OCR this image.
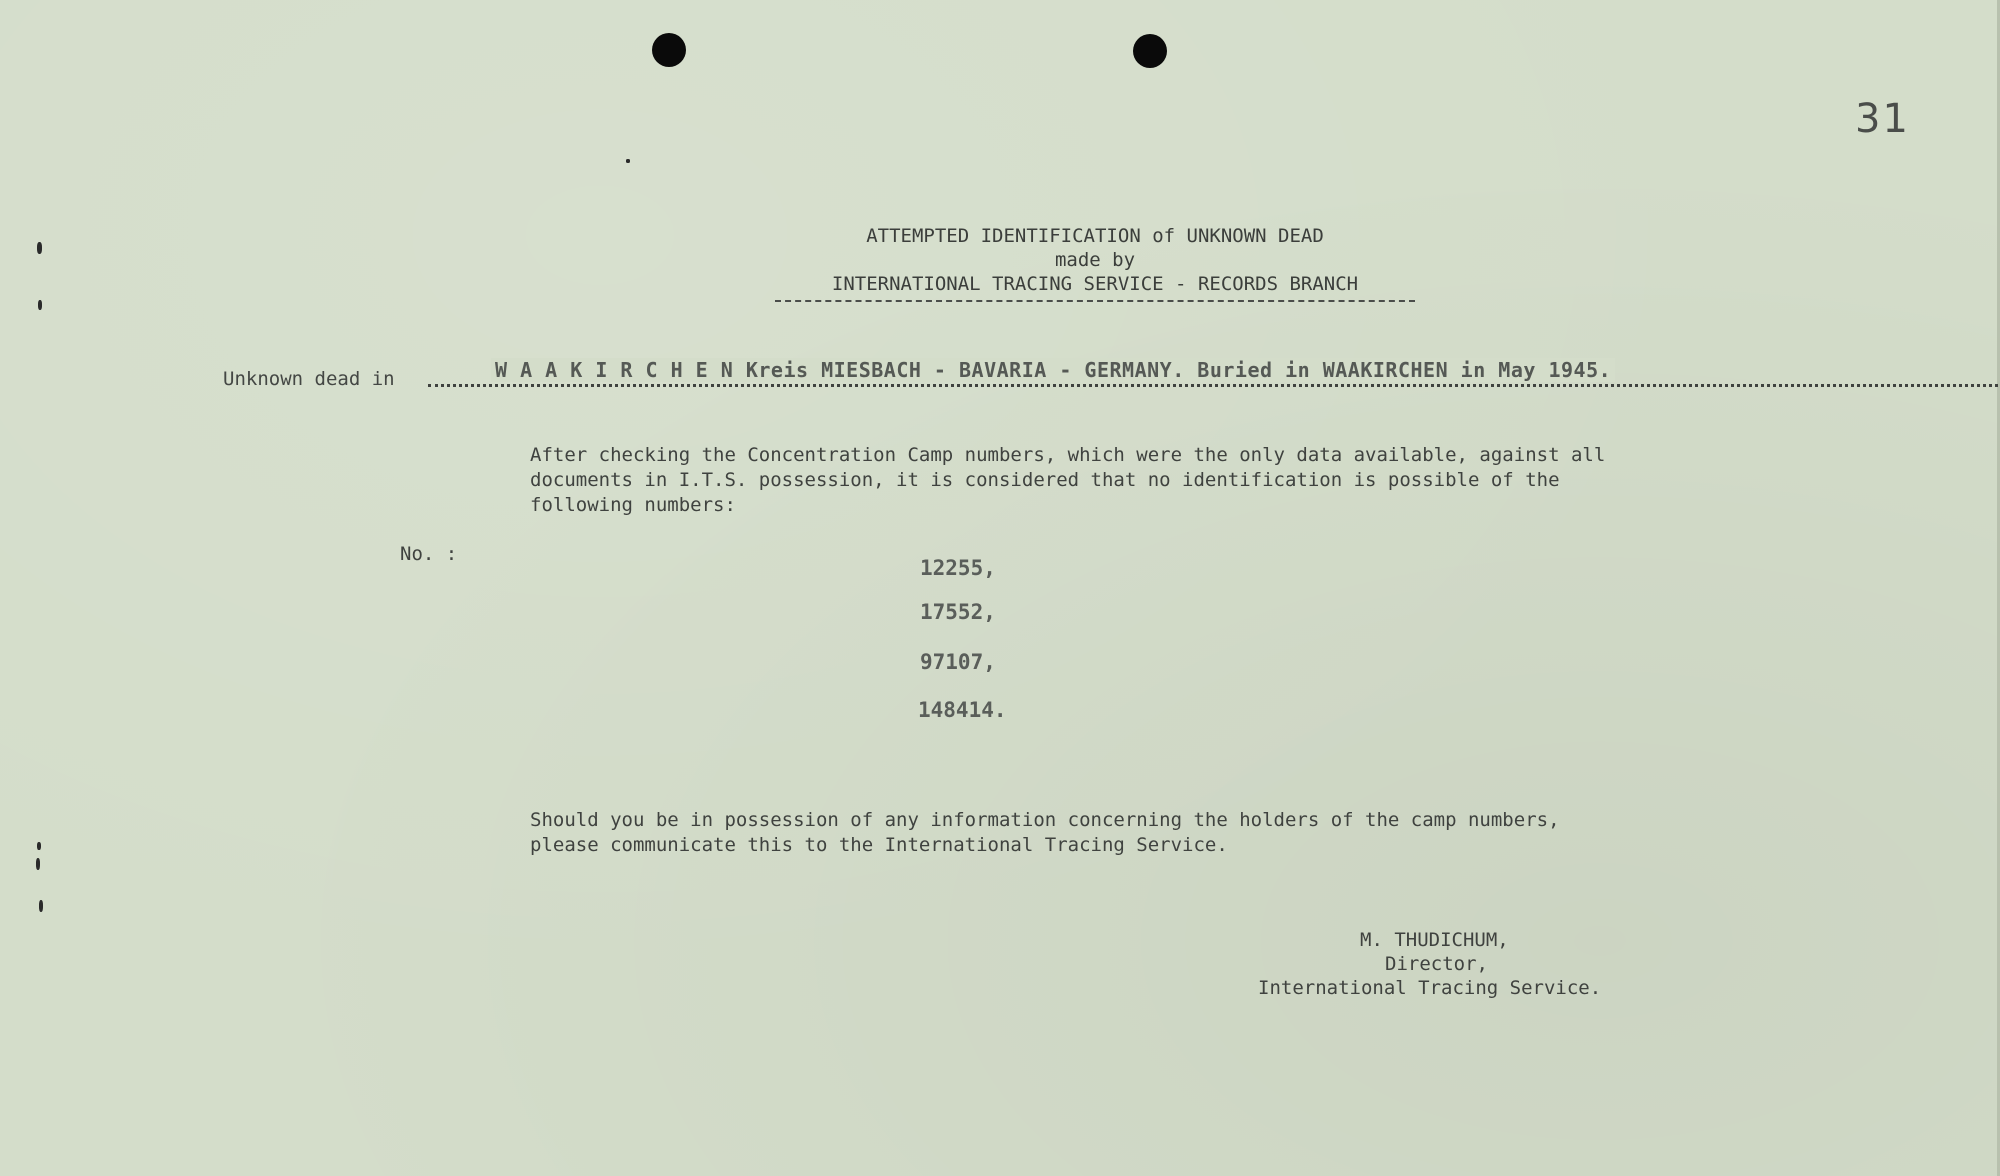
31
ATTEMPTED IDENTIFICATION of UNKNOWN DEAD
made by
INTERNATIONAL TRACING SERVICE - RECORDS BRANCH
Unknown dead in	W A A K I R C H E N Kreis MIESBACH - BAVARIA - GERMANY. Buried in WAAKIRCHEN in May 1945.
After checking the Concentration Camp numbers, which were the only data available, against all
documents in I.T.S. possession, it is considered that no identification is possible of the
following numbers:
No. :
12255,
17552,
97107,
148414.
Should you be in possession of any information concerning the holders of the camp numbers,
please communicate this to the International Tracing Service.
M. THUDICHUM,
Director,
International Tracing Service.
